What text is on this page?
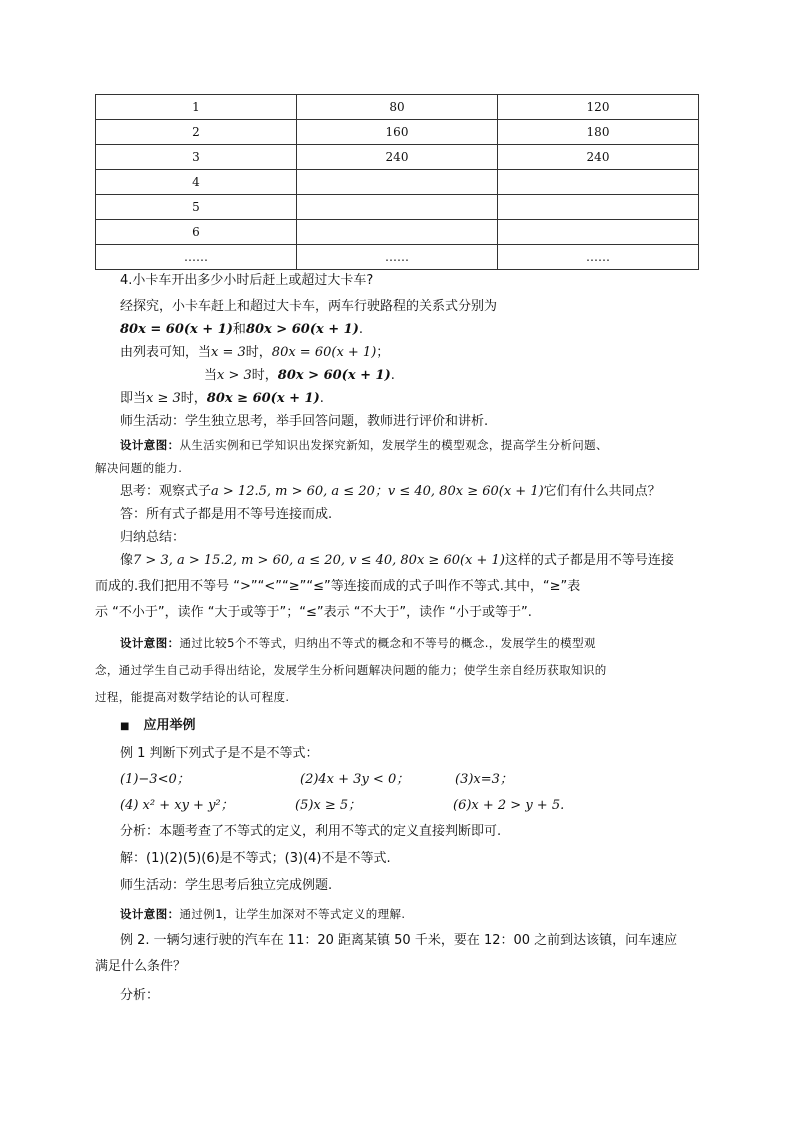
1	80	120
2	160	180
3	240	240
4		
5		
6		
……	……	……
4.小卡车开出多少小时后赶上或超过大卡车?
经探究，小卡车赶上和超过大卡车，两车行驶路程的关系式分别为
80x = 60(x + 1)和80x > 60(x + 1).
由列表可知，当x = 3时，80x = 60(x + 1)；
当x > 3时，80x > 60(x + 1).
即当x ≥ 3时，80x ≥ 60(x + 1).
师生活动：学生独立思考，举手回答问题，教师进行评价和讲析.
设计意图：从生活实例和已学知识出发探究新知，发展学生的模型观念，提高学生分析问题、
解决问题的能力.
思考：观察式子a > 12.5, m > 60, a ≤ 20；v ≤ 40, 80x ≥ 60(x + 1)它们有什么共同点？
答：所有式子都是用不等号连接而成.
归纳总结：
像7 > 3, a > 15.2, m > 60, a ≤ 20, v ≤ 40, 80x ≥ 60(x + 1)这样的式子都是用不等号连接
而成的.我们把用不等号 “>”“<”“≥”“≤”等连接而成的式子叫作不等式.其中，“≥”表
示 “不小于”，读作 “大于或等于”；“≤”表示 “不大于”，读作 “小于或等于”.
设计意图：通过比较5个不等式，归纳出不等式的概念和不等号的概念.，发展学生的模型观
念，通过学生自己动手得出结论，发展学生分析问题解决问题的能力；使学生亲自经历获取知识的
过程，能提高对数学结论的认可程度.
■ 应用举例
例 1 判断下列式子是不是不等式：
(1)−3<0；	(2)4x + 3y < 0；	(3)x=3；
(4) x² + xy + y²；	(5)x ≥ 5；	(6)x + 2 > y + 5.
分析：本题考查了不等式的定义，利用不等式的定义直接判断即可.
解：(1)(2)(5)(6)是不等式；(3)(4)不是不等式.
师生活动：学生思考后独立完成例题.
设计意图：通过例1，让学生加深对不等式定义的理解.
例 2. 一辆匀速行驶的汽车在 11：20 距离某镇 50 千米，要在 12：00 之前到达该镇，问车速应
满足什么条件？
分析：
